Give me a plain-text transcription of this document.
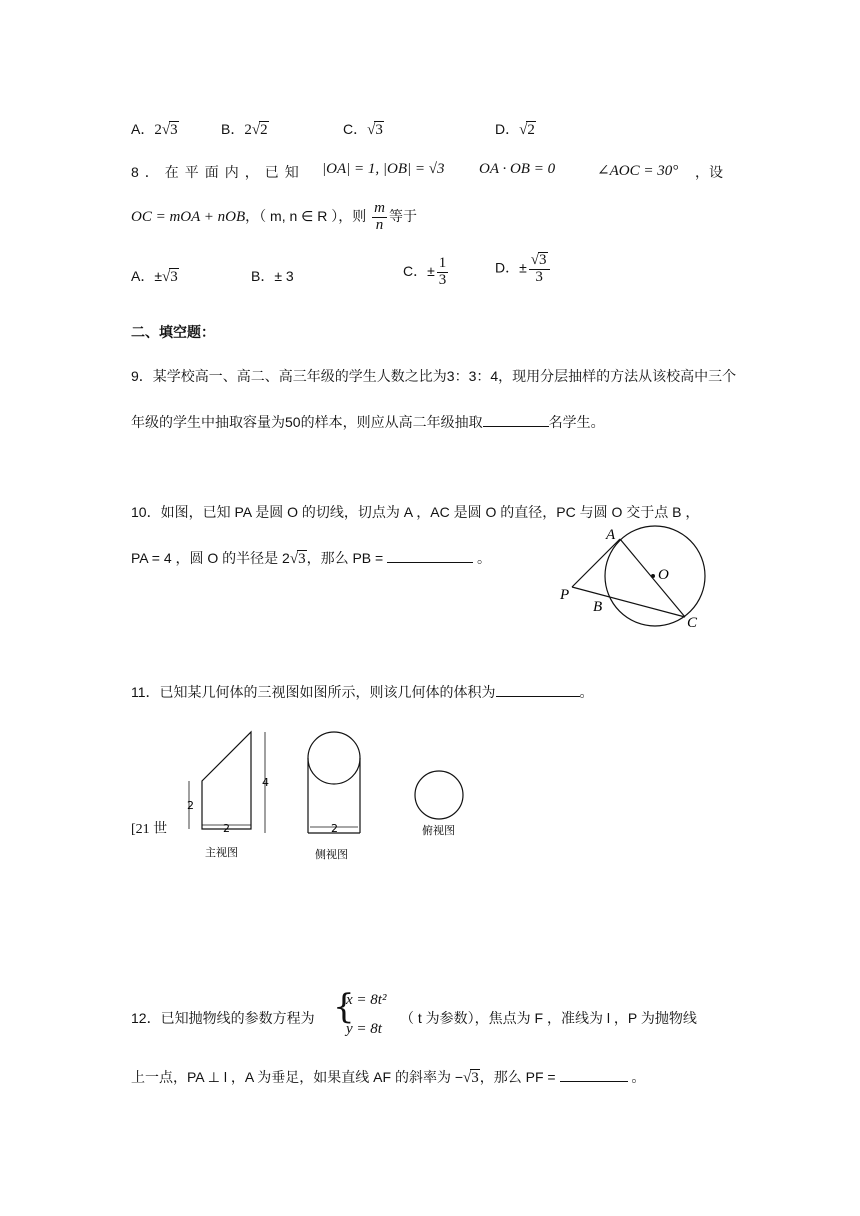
A．2√3	B．2√2	C．√3	D．√2
8．在平面内，已知 |OA| = 1, |OB| = √3 OA · OB = 0	∠AOC = 30° ，设
OC = mOA + nOB，（ m, n ∈ R ），则 $\frac{m}{n}$ 等于
A．±√3	B．± 3	C．± $\frac{1}{3}$	D．± $\frac{√3}{3}$
二、填空题：
9．某学校高一、高二、高三年级的学生人数之比为3：3：4，现用分层抽样的方法从该校高中三个
年级的学生中抽取容量为50的样本，则应从高二年级抽取	名学生。
10．如图，已知 PA 是圆 O 的切线，切点为 A ，AC 是圆 O 的直径，PC 与圆 O 交于点 B ，
PA = 4 ，圆 O 的半径是 2√3，那么 PB =	。
A
O
P
B
C
11．已知某几何体的三视图如图所示，则该几何体的体积为	。
2
4
2
主视图
2
侧视图
俯视图
[21 世
12．已知抛物线的参数方程为 {
x = 8t²
y = 8t
（ t 为参数），焦点为 F ，准线为 l ，P 为抛物线
上一点，PA ⊥ l ，A 为垂足，如果直线 AF 的斜率为 −√3，那么 PF =	。
